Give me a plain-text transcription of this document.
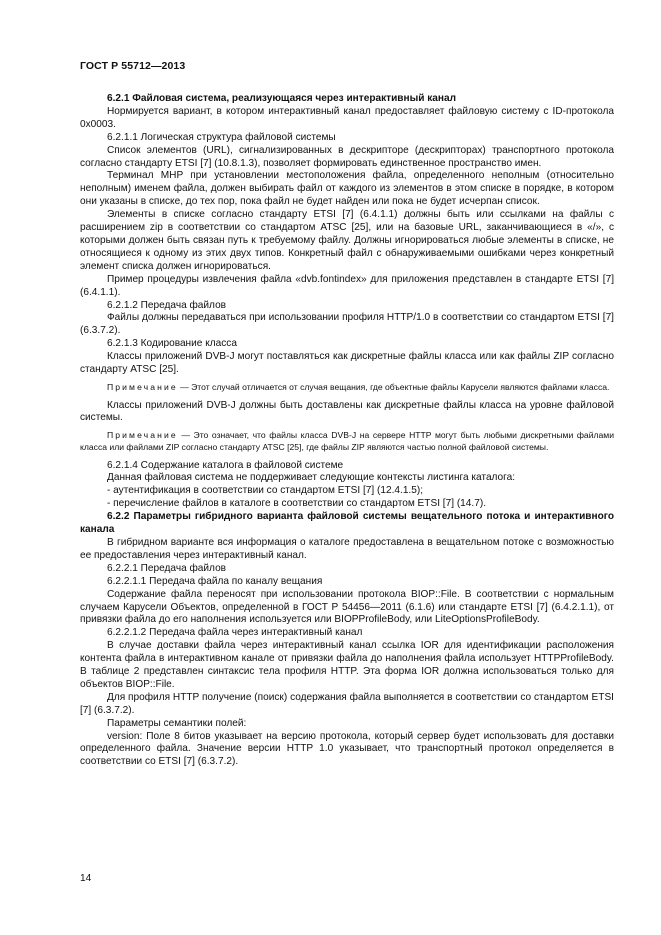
ГОСТ Р 55712—2013

6.2.1 Файловая система, реализующаяся через интерактивный канал

Нормируется вариант, в котором интерактивный канал предоставляет файловую систему с ID-протокола 0x0003.

6.2.1.1 Логическая структура файловой системы

Список элементов (URL), сигнализированных в дескрипторе (дескрипторах) транспортного протокола согласно стандарту ETSI [7] (10.8.1.3), позволяет формировать единственное пространство имен.

Терминал MHP при установлении местоположения файла, определенного неполным (относительно неполным) именем файла, должен выбирать файл от каждого из элементов в этом списке в порядке, в котором они указаны в списке, до тех пор, пока файл не будет найден или пока не будет исчерпан список.

Элементы в списке согласно стандарту ETSI [7] (6.4.1.1) должны быть или ссылками на файлы с расширением zip в соответствии со стандартом ATSC [25], или на базовые URL, заканчивающиеся в «/», с которыми должен быть связан путь к требуемому файлу. Должны игнорироваться любые элементы в списке, не относящиеся к одному из этих двух типов. Конкретный файл с обнаруживаемыми ошибками через конкретный элемент списка должен игнорироваться.

Пример процедуры извлечения файла «dvb.fontindex» для приложения представлен в стандарте ETSI [7] (6.4.1.1).

6.2.1.2 Передача файлов

Файлы должны передаваться при использовании профиля HTTP/1.0 в соответствии со стандартом ETSI [7] (6.3.7.2).

6.2.1.3 Кодирование класса

Классы приложений DVB-J могут поставляться как дискретные файлы класса или как файлы ZIP согласно стандарту ATSC [25].

Примечание — Этот случай отличается от случая вещания, где объектные файлы Карусели являются файлами класса.

Классы приложений DVB-J должны быть доставлены как дискретные файлы класса на уровне файловой системы.

Примечание — Это означает, что файлы класса DVB-J на сервере HTTP могут быть любыми дискретными файлами класса или файлами ZIP согласно стандарту ATSC [25], где файлы ZIP являются частью полной файловой системы.

6.2.1.4 Содержание каталога в файловой системе

Данная файловая система не поддерживает следующие контексты листинга каталога:

- аутентификация в соответствии со стандартом ETSI [7] (12.4.1.5);

- перечисление файлов в каталоге в соответствии со стандартом ETSI [7] (14.7).

6.2.2 Параметры гибридного варианта файловой системы вещательного потока и интерактивного канала

В гибридном варианте вся информация о каталоге предоставлена в вещательном потоке с возможностью ее предоставления через интерактивный канал.

6.2.2.1 Передача файлов

6.2.2.1.1 Передача файла по каналу вещания

Содержание файла переносят при использовании протокола BIOP::File. В соответствии с нормальным случаем Карусели Объектов, определенной в ГОСТ Р 54456—2011 (6.1.6) или стандарте ETSI [7] (6.4.2.1.1), от привязки файла до его наполнения используется или BIOPProfileBody, или LiteOptionsProfileBody.

6.2.2.1.2 Передача файла через интерактивный канал

В случае доставки файла через интерактивный канал ссылка IOR для идентификации расположения контента файла в интерактивном канале от привязки файла до наполнения файла использует HTTPProfileBody. В таблице 2 представлен синтаксис тела профиля HTTP. Эта форма IOR должна использоваться только для объектов BIOP::File.

Для профиля HTTP получение (поиск) содержания файла выполняется в соответствии со стандартом ETSI [7] (6.3.7.2).

Параметры семантики полей:

version: Поле 8 битов указывает на версию протокола, который сервер будет использовать для доставки определенного файла. Значение версии HTTP 1.0 указывает, что транспортный протокол определяется в соответствии со ETSI [7] (6.3.7.2).

14
